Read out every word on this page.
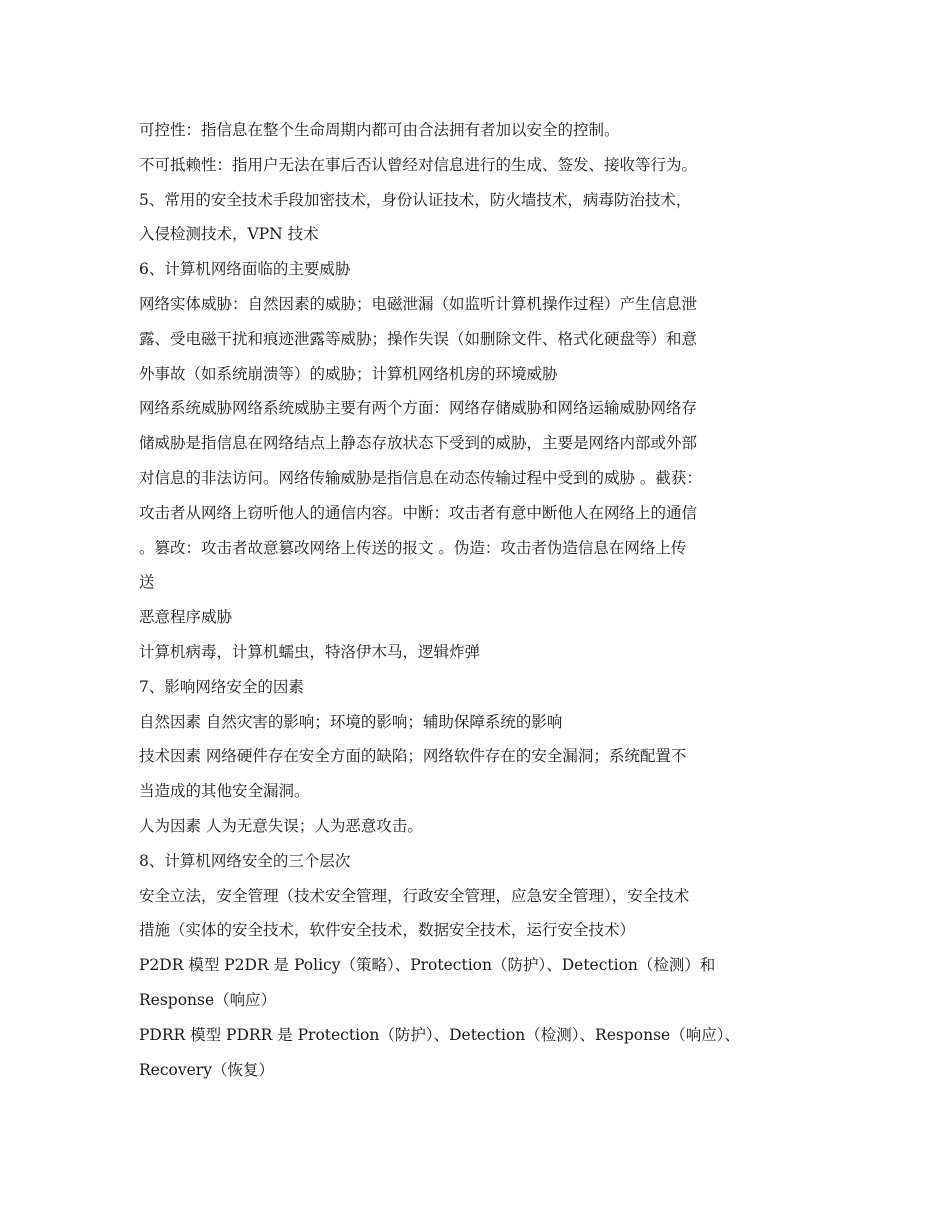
可控性：指信息在整个生命周期内都可由合法拥有者加以安全的控制。
不可抵赖性：指用户无法在事后否认曾经对信息进行的生成、签发、接收等行为。
5、常用的安全技术手段加密技术，身份认证技术，防火墙技术，病毒防治技术，
入侵检测技术，VPN 技术
6、计算机网络面临的主要威胁
网络实体威胁：自然因素的威胁；电磁泄漏（如监听计算机操作过程）产生信息泄
露、受电磁干扰和痕迹泄露等威胁；操作失误（如删除文件、格式化硬盘等）和意
外事故（如系统崩溃等）的威胁；计算机网络机房的环境威胁
网络系统威胁网络系统威胁主要有两个方面：网络存储威胁和网络运输威胁网络存
储威胁是指信息在网络结点上静态存放状态下受到的威胁，主要是网络内部或外部
对信息的非法访问。网络传输威胁是指信息在动态传输过程中受到的威胁 。截获：
攻击者从网络上窃听他人的通信内容。中断：攻击者有意中断他人在网络上的通信
。篡改：攻击者故意篡改网络上传送的报文 。伪造：攻击者伪造信息在网络上传
送
恶意程序威胁
计算机病毒，计算机蠕虫，特洛伊木马，逻辑炸弹
7、影响网络安全的因素
自然因素 自然灾害的影响；环境的影响；辅助保障系统的影响
技术因素 网络硬件存在安全方面的缺陷；网络软件存在的安全漏洞；系统配置不
当造成的其他安全漏洞。
人为因素 人为无意失误；人为恶意攻击。
8、计算机网络安全的三个层次
安全立法，安全管理（技术安全管理，行政安全管理，应急安全管理），安全技术
措施（实体的安全技术，软件安全技术，数据安全技术，运行安全技术）
P2DR 模型 P2DR 是 Policy（策略）、Protection（防护）、Detection（检测）和
Response（响应）
PDRR 模型 PDRR 是 Protection（防护）、Detection（检测）、Response（响应）、
Recovery（恢复）
